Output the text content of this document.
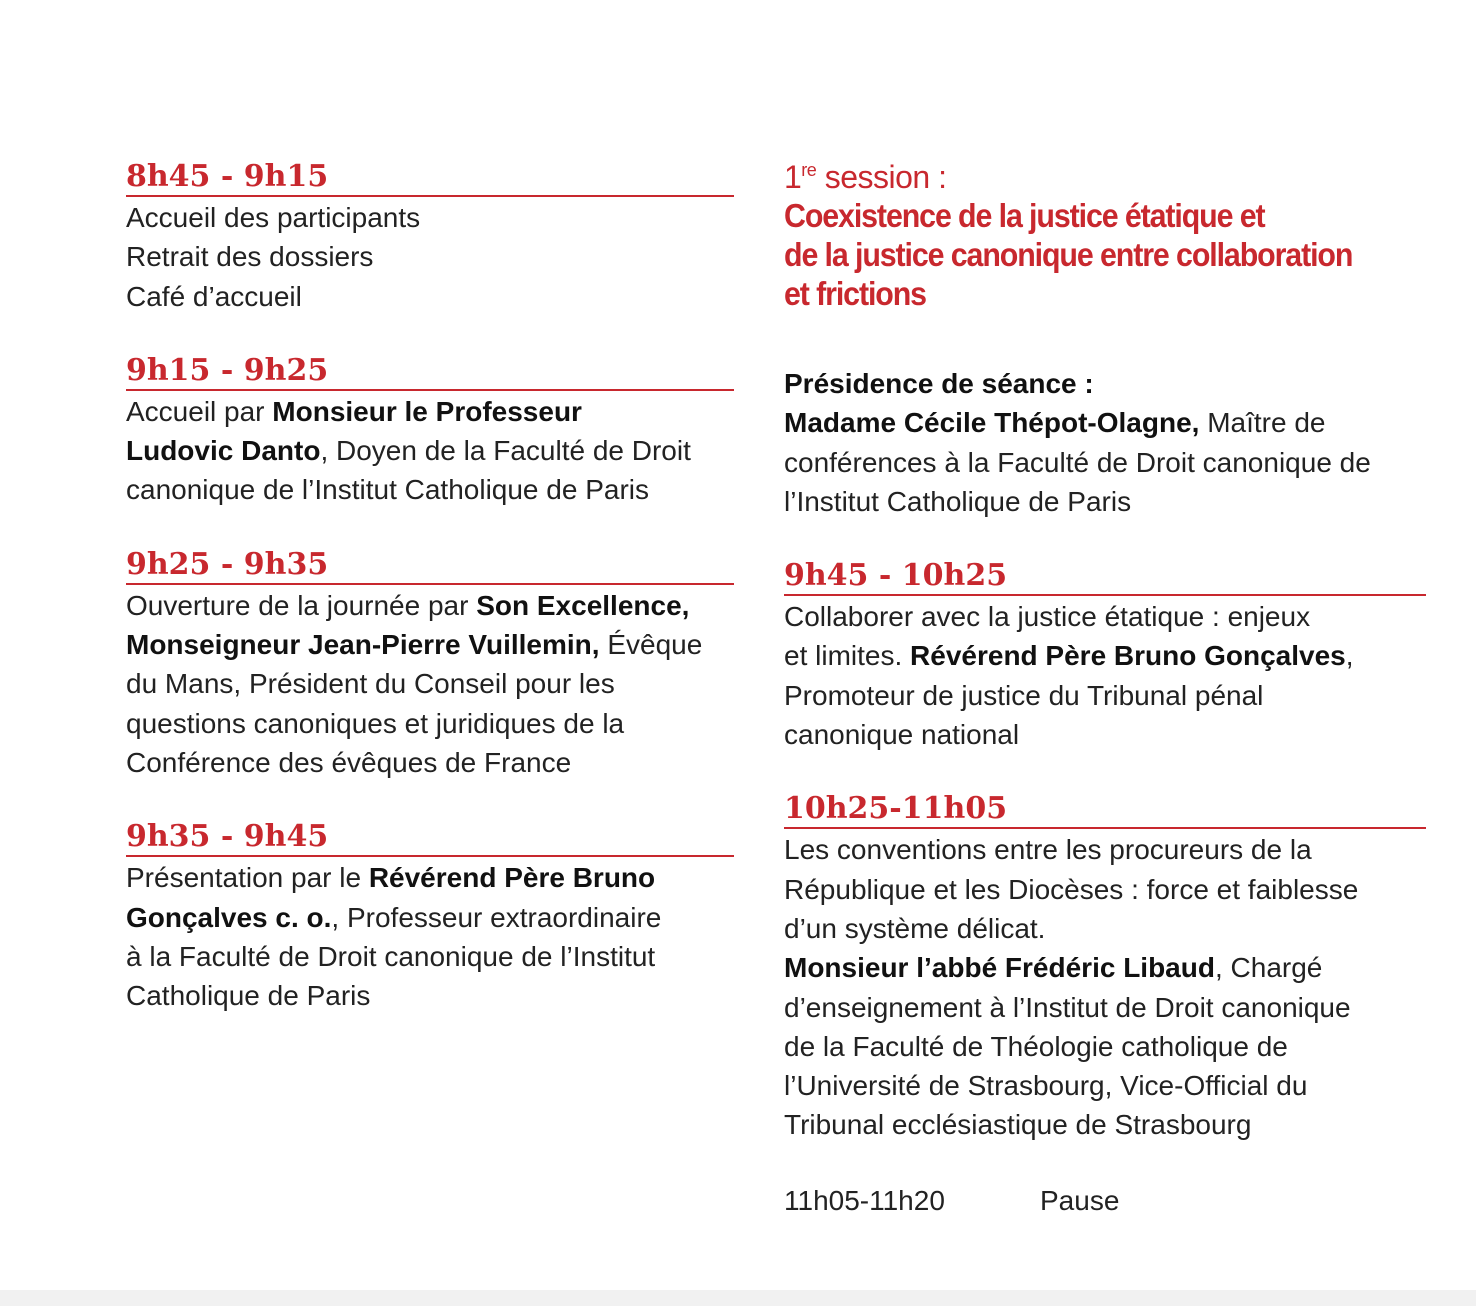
8h45 - 9h15
Accueil des participants
Retrait des dossiers
Café d’accueil
9h15 - 9h25
Accueil par Monsieur le Professeur
Ludovic Danto, Doyen de la Faculté de Droit
canonique de l’Institut Catholique de Paris
9h25 - 9h35
Ouverture de la journée par Son Excellence,
Monseigneur Jean-Pierre Vuillemin, Évêque
du Mans, Président du Conseil pour les
questions canoniques et juridiques de la
Conférence des évêques de France
9h35 - 9h45
Présentation par le Révérend Père Bruno
Gonçalves c. o., Professeur extraordinaire
à la Faculté de Droit canonique de l’Institut
Catholique de Paris
1re session :
Coexistence de la justice étatique et
de la justice canonique entre collaboration
et frictions
Présidence de séance :
Madame Cécile Thépot-Olagne, Maître de
conférences à la Faculté de Droit canonique de
l’Institut Catholique de Paris
9h45 - 10h25
Collaborer avec la justice étatique : enjeux
et limites. Révérend Père Bruno Gonçalves,
Promoteur de justice du Tribunal pénal
canonique national
10h25-11h05
Les conventions entre les procureurs de la
République et les Diocèses : force et faiblesse
d’un système délicat.
Monsieur l’abbé Frédéric Libaud, Chargé
d’enseignement à l’Institut de Droit canonique
de la Faculté de Théologie catholique de
l’Université de Strasbourg, Vice-Official du
Tribunal ecclésiastique de Strasbourg
11h05-11h20	Pause
